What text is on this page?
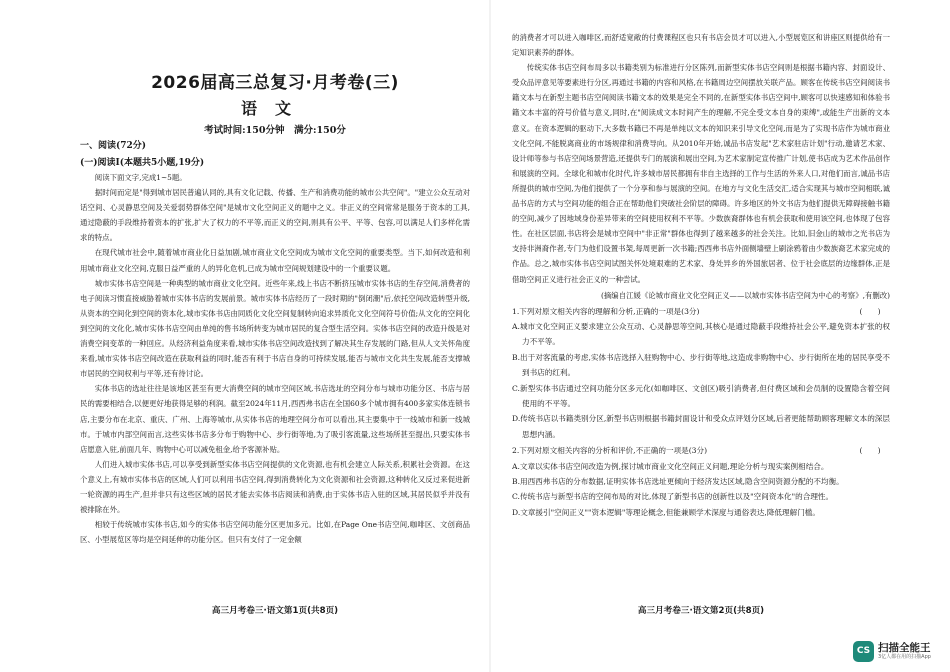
2026届高三总复习·月考卷(三)
语文
考试时间:150分钟　满分:150分
一、阅读(72分)
(一)阅读Ⅰ(本题共5小题,19分)

阅读下面文字,完成1~5题。

据时间而定是"得到城市居民普遍认同的,具有文化记载、传播、生产和消费功能的城市公共空间"。"建立公众互动对话空间、心灵静思空间及关爱弱势群体空间"是城市文化空间正义的题中之义。非正义的空间常常是服务于资本的工具,通过隐蔽的手段维持着资本的扩张,扩大了权力的不平等,而正义的空间,则具有公平、平等、包容,可以满足人们多样化需求的特点。

在现代城市社会中,随着城市商业化日益加剧,城市商业文化空间成为城市文化空间的重要类型。当下,如何改造和利用城市商业文化空间,克服日益严重的人的异化危机,已成为城市空间规划建设中的一个重要议题。

城市实体书店空间是一种典型的城市商业文化空间。近些年来,线上书店不断挤压城市实体书店的生存空间,消费者的电子阅读习惯直接威胁着城市实体书店的发展前景。城市实体书店经历了一段时期的"倒闭潮"后,依托空间改造转型升级,从资本的空间化到空间的资本化,城市实体书店由同质化文化空间复制转向追求异质化文化空间符号价值;从文化的空间化到空间的文化化,城市实体书店空间由单纯的售书场所转变为城市居民的复合型生活空间。实体书店空间的改造升级是对消费空间变革的一种回应。从经济利益角度来看,城市实体书店空间改造找到了解决其生存发展的门路,但从人文关怀角度来看,城市实体书店空间改造在获取利益的同时,能否有利于书店自身的可持续发展,能否与城市文化共生发展,能否支撑城市居民的空间权利与平等,还有待讨论。

实体书店的选址往往是该地区甚至有更大消费空间的城市空间区域,书店选址的空间分布与城市功能分区、书店与居民的需要相结合,以便更好地获得足够的利润。截至2024年11月,西西弗书店在全国60多个城市拥有400多家实体连锁书店,主要分布在北京、重庆、广州、上海等城市,从实体书店的地理空间分布可以看出,其主要集中于一线城市和新一线城市。于城市内部空间而言,这些实体书店多分布于购物中心、步行街等地,为了吸引客流量,这些场所甚至提出,只要实体书店愿意入驻,前面几年、购物中心可以减免租金,给予客源补贴。

人们进入城市实体书店,可以享受到新型实体书店空间提供的文化资源,也有机会建立人际关系,积累社会资源。在这个意义上,有城市实体书店的区域,人们可以利用书店空间,得到消费转化为文化资源和社会资源,这种转化又反过来促进新一轮资源的再生产,但并非只有这些区域的居民才能去实体书店阅读和消费,由于实体书店入驻的区域,其居民似乎并没有被排除在外。

相较于传统城市实体书店,如今的实体书店空间功能分区更加多元。比如,在Page One书店空间,咖啡区、文创商品区、小型展览区等均是空间延伸的功能分区。但只有支付了一定金额

高三月考卷三·语文第1页(共8页)

的消费者才可以进入咖啡区,而舒适宽敞的付费课程区也只有书店会员才可以进入,小型展览区和讲座区则提供给有一定知识素养的群体。

传统实体书店空间布局多以书籍类别为标准进行分区陈列,而新型实体书店空间则是根据书籍内容、封面设计、受众品评意见等要素进行分区,再通过书籍的内容和风格,在书籍周边空间摆放关联产品。顾客在传统书店空间阅读书籍文本与在新型主题书店空间阅读书籍文本的效果是完全不同的,在新型实体书店空间中,顾客可以快速感知和体验书籍文本丰富的符号价值与意义,同时,在"阅读成文本时间产生的理解,不完全受文本自身的束缚",或能生产出新的文本意义。在资本逻辑的驱动下,大多数书籍已不再是单纯以文本的知识来引导文化空间,而是为了实现书店作为城市商业文化空间,不能脱离商业的市场规律和消费导向。从2010年开始,诚品书店发起"艺术家驻店计划"行动,邀请艺术家、设计师等参与书店空间场景营造,还提供专门的展演和展出空间,为艺术家制定宣传推广计划,使书店成为艺术作品创作和展演的空间。全球化和城市化时代,许多城市居民都拥有非自主选择的工作与生活的外来人口,对他们而言,诚品书店所提供的城市空间,为他们提供了一个分享和参与展演的空间。在地方与文化生活交汇,适合实现其与城市空间相联,诚品书店的方式与空间功能的组合正在帮助他们突破社会阶层的障碍。许多地区的外文书店为他们提供无障碍接触书籍的空间,减少了因地域身份差异带来的空间使用权利不平等。少数族裔群体也有机会获取和使用该空间,也体现了包容性。在社区层面,书店将会是城市空间中"非正常"群体也得到了越来越多的社会关注。比如,旧金山的城市之光书店为支持非洲裔作者,专门为他们设置书架,每周更新一次书籍;西西弗书店外面侧墙壁上刷涂鸦着由少数族裔艺术家完成的作品。总之,城市实体书店空间试图关怀处境艰难的艺术家、身处异乡的外国旅居者、位于社会底层的边缘群体,正是借助空间正义进行社会正义的一种尝试。

(摘编自江媛《论城市商业文化空间正义——以城市实体书店空间为中心的考察》,有删改)
1.下列对原文相关内容的理解和分析,正确的一项是(3分)	(　　)
A.城市文化空间正义要求建立公众互动、心灵静思等空间,其核心是通过隐蔽手段维持社会公平,避免资本扩张的权力不平等。
B.出于对客流量的考虑,实体书店选择入驻购物中心、步行街等地,这造成非购物中心、步行街所在地的居民享受不到书店的红利。
C.新型实体书店通过空间功能分区多元化(如咖啡区、文创区)吸引消费者,但付费区域和会员制的设置隐含着空间使用的不平等。
D.传统书店以书籍类别分区,新型书店则根据书籍封面设计和受众点评划分区域,后者更能帮助顾客理解文本的深层思想内涵。
2.下列对原文相关内容的分析和评价,不正确的一项是(3分)	(　　)
A.文章以实体书店空间改造为例,探讨城市商业文化空间正义问题,理论分析与现实案例相结合。
B.用西西弗书店的分布数据,证明实体书店选址更倾向于经济发达区域,隐含空间资源分配的不均衡。
C.传统书店与新型书店的空间布局的对比,体现了新型书店的创新性以及"空间资本化"的合理性。
D.文章援引"空间正义""资本逻辑"等理论概念,但能兼顾学术深度与通俗表达,降低理解门槛。
高三月考卷三·语文第2页(共8页)
CS 扫描全能王
3亿人都在用的扫描App
